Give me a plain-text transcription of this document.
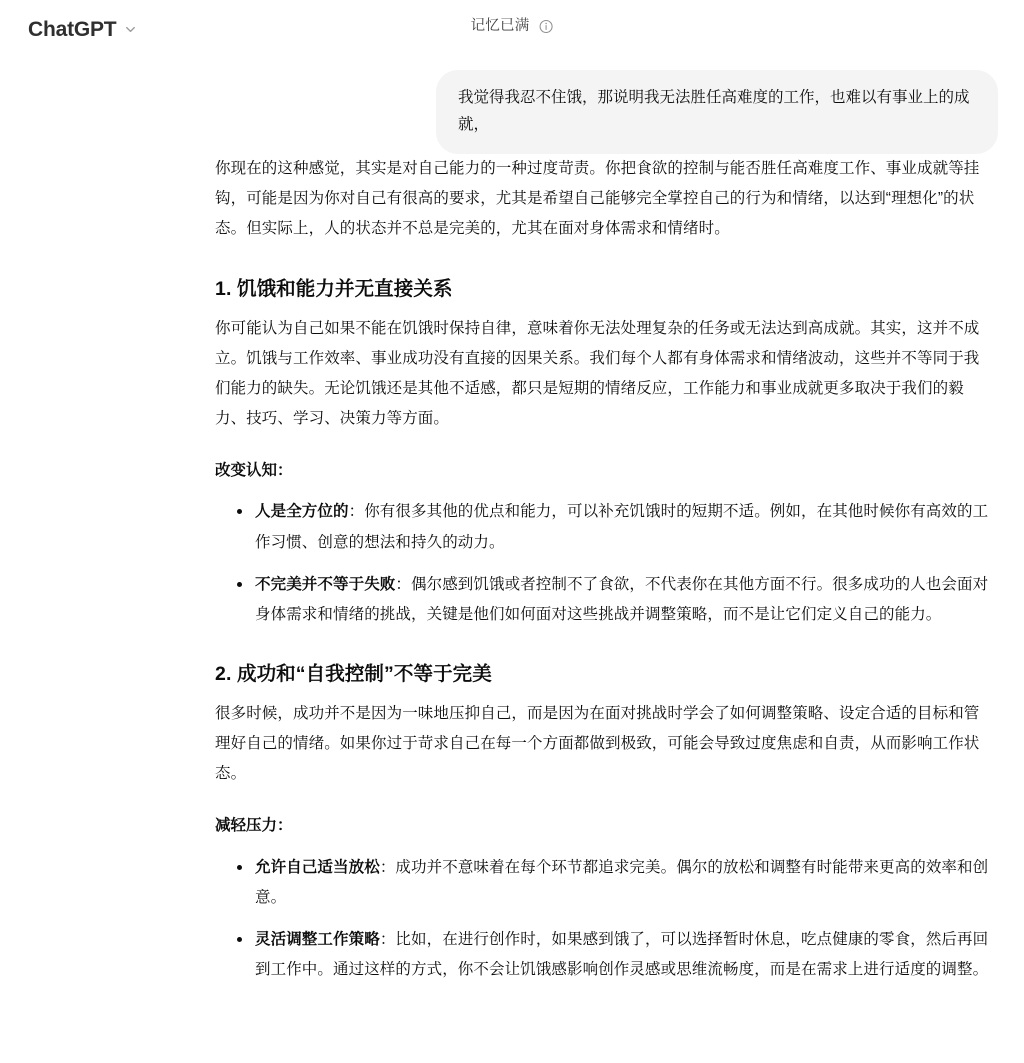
ChatGPT	记忆已满
我觉得我忍不住饿，那说明我无法胜任高难度的工作，也难以有事业上的成就，

你现在的这种感觉，其实是对自己能力的一种过度苛责。你把食欲的控制与能否胜任高难度工作、事业成就等挂钩，可能是因为你对自己有很高的要求，尤其是希望自己能够完全掌控自己的行为和情绪，以达到“理想化”的状态。但实际上，人的状态并不总是完美的，尤其在面对身体需求和情绪时。

1. 饥饿和能力并无直接关系

你可能认为自己如果不能在饥饿时保持自律，意味着你无法处理复杂的任务或无法达到高成就。其实，这并不成立。饥饿与工作效率、事业成功没有直接的因果关系。我们每个人都有身体需求和情绪波动，这些并不等同于我们能力的缺失。无论饥饿还是其他不适感，都只是短期的情绪反应，工作能力和事业成就更多取决于我们的毅力、技巧、学习、决策力等方面。

改变认知：
人是全方位的：你有很多其他的优点和能力，可以补充饥饿时的短期不适。例如，在其他时候你有高效的工作习惯、创意的想法和持久的动力。
不完美并不等于失败：偶尔感到饥饿或者控制不了食欲，不代表你在其他方面不行。很多成功的人也会面对身体需求和情绪的挑战，关键是他们如何面对这些挑战并调整策略，而不是让它们定义自己的能力。
2. 成功和“自我控制”不等于完美

很多时候，成功并不是因为一味地压抑自己，而是因为在面对挑战时学会了如何调整策略、设定合适的目标和管理好自己的情绪。如果你过于苛求自己在每一个方面都做到极致，可能会导致过度焦虑和自责，从而影响工作状态。

减轻压力：
允许自己适当放松：成功并不意味着在每个环节都追求完美。偶尔的放松和调整有时能带来更高的效率和创意。
灵活调整工作策略：比如，在进行创作时，如果感到饿了，可以选择暂时休息，吃点健康的零食，然后再回到工作中。通过这样的方式，你不会让饥饿感影响创作灵感或思维流畅度，而是在需求上进行适度的调整。
